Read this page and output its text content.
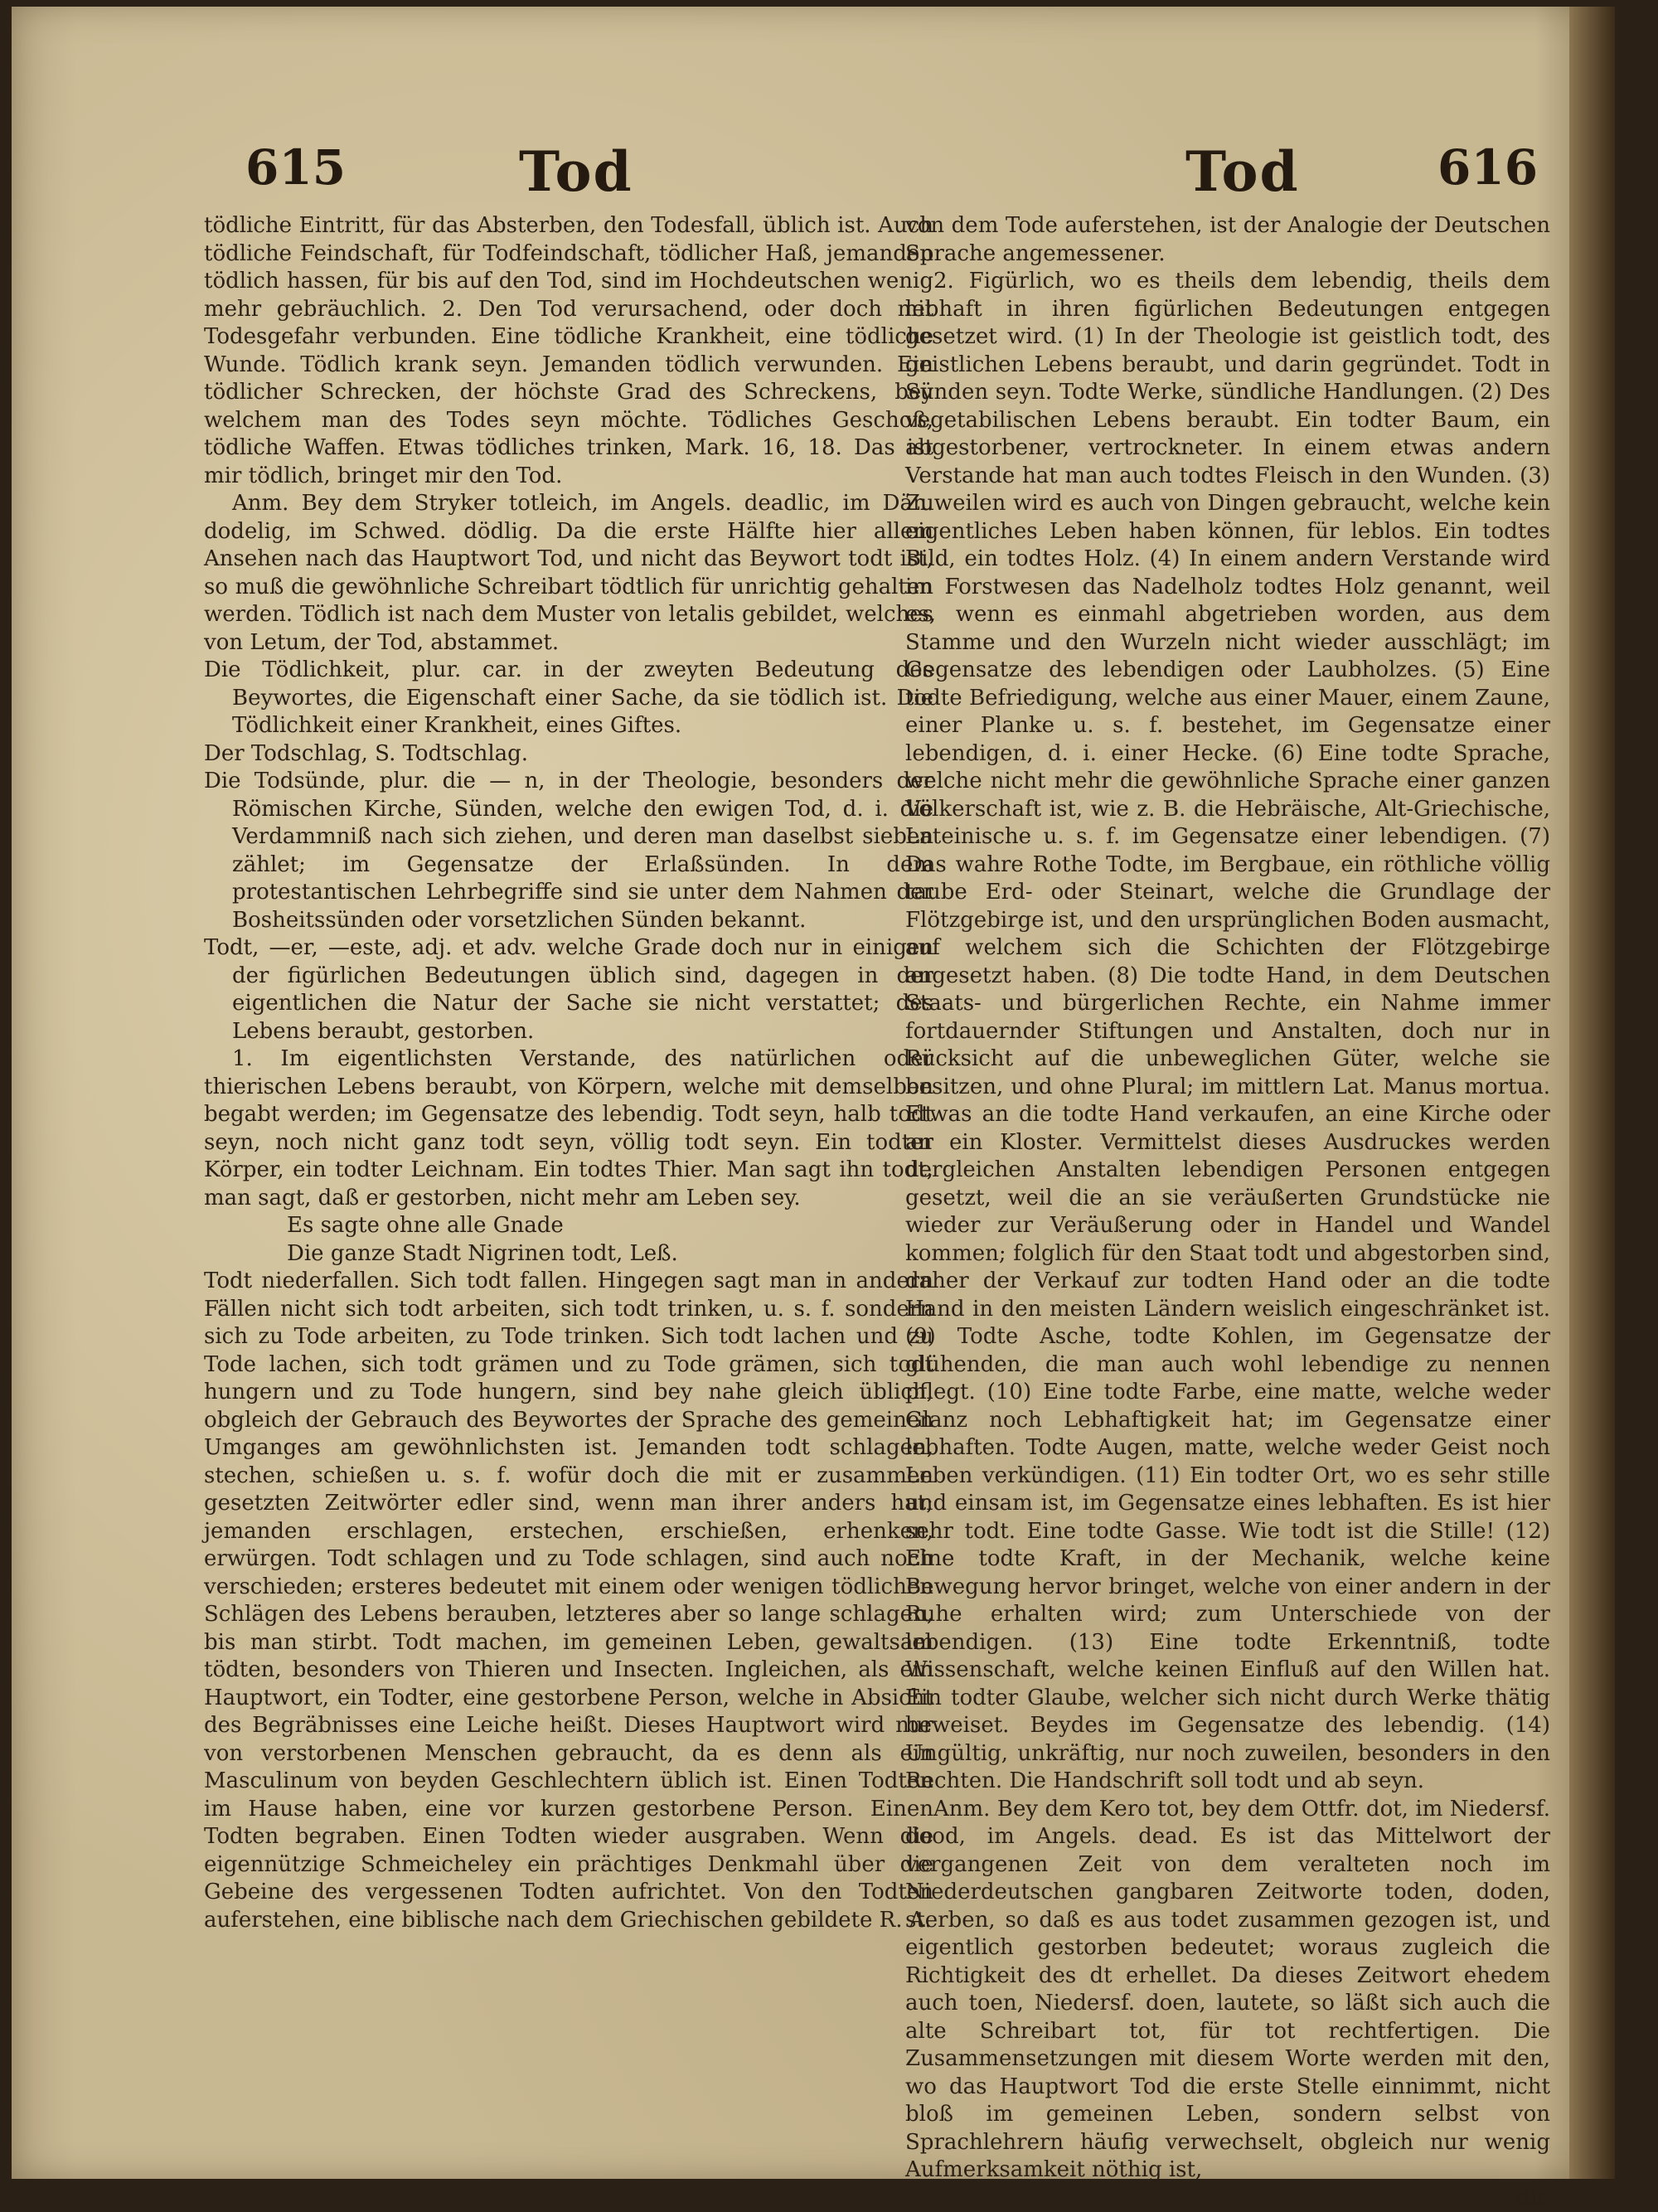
615	Tod	Tod	616

tödliche Eintritt, für das Absterben, den Todesfall, üblich ist. Auch tödliche Feindschaft, für Todfeindschaft, tödlicher Haß, jemanden tödlich hassen, für bis auf den Tod, sind im Hochdeutschen wenig mehr gebräuchlich. 2. Den Tod verursachend, oder doch mit Todesgefahr verbunden. Eine tödliche Krankheit, eine tödliche Wunde. Tödlich krank seyn. Jemanden tödlich verwunden. Ein tödlicher Schrecken, der höchste Grad des Schreckens, bey welchem man des Todes seyn möchte. Tödliches Geschoß, tödliche Waffen. Etwas tödliches trinken, Mark. 16, 18. Das ist mir tödlich, bringet mir den Tod.

Anm. Bey dem Stryker totleich, im Angels. deadlic, im Dän. dodelig, im Schwed. dödlig. Da die erste Hälfte hier allem Ansehen nach das Hauptwort Tod, und nicht das Beywort todt ist, so muß die gewöhnliche Schreibart tödtlich für unrichtig gehalten werden. Tödlich ist nach dem Muster von letalis gebildet, welches von Letum, der Tod, abstammet.

Die Tödlichkeit, plur. car. in der zweyten Bedeutung des Beywortes, die Eigenschaft einer Sache, da sie tödlich ist. Die Tödlichkeit einer Krankheit, eines Giftes.

Der Todschlag, S. Todtschlag.

Die Todsünde, plur. die — n, in der Theologie, besonders der Römischen Kirche, Sünden, welche den ewigen Tod, d. i. die Verdammniß nach sich ziehen, und deren man daselbst sieben zählet; im Gegensatze der Erlaßsünden. In dem protestantischen Lehrbegriffe sind sie unter dem Nahmen der Bosheitssünden oder vorsetzlichen Sünden bekannt.

Todt, —er, —este, adj. et adv. welche Grade doch nur in einigen der figürlichen Bedeutungen üblich sind, dagegen in der eigentlichen die Natur der Sache sie nicht verstattet; des Lebens beraubt, gestorben.

1. Im eigentlichsten Verstande, des natürlichen oder thierischen Lebens beraubt, von Körpern, welche mit demselben begabt werden; im Gegensatze des lebendig. Todt seyn, halb todt seyn, noch nicht ganz todt seyn, völlig todt seyn. Ein todter Körper, ein todter Leichnam. Ein todtes Thier. Man sagt ihn todt, man sagt, daß er gestorben, nicht mehr am Leben sey.

Es sagte ohne alle Gnade

Die ganze Stadt Nigrinen todt, Leß.

Todt niederfallen. Sich todt fallen. Hingegen sagt man in andern Fällen nicht sich todt arbeiten, sich todt trinken, u. s. f. sondern sich zu Tode arbeiten, zu Tode trinken. Sich todt lachen und zu Tode lachen, sich todt grämen und zu Tode grämen, sich todt hungern und zu Tode hungern, sind bey nahe gleich üblich, obgleich der Gebrauch des Beywortes der Sprache des gemeinen Umganges am gewöhnlichsten ist. Jemanden todt schlagen, stechen, schießen u. s. f. wofür doch die mit er zusammen gesetzten Zeitwörter edler sind, wenn man ihrer anders hat; jemanden erschlagen, erstechen, erschießen, erhenken, erwürgen. Todt schlagen und zu Tode schlagen, sind auch noch verschieden; ersteres bedeutet mit einem oder wenigen tödlichen Schlägen des Lebens berauben, letzteres aber so lange schlagen, bis man stirbt. Todt machen, im gemeinen Leben, gewaltsam tödten, besonders von Thieren und Insecten. Ingleichen, als ein Hauptwort, ein Todter, eine gestorbene Person, welche in Absicht des Begräbnisses eine Leiche heißt. Dieses Hauptwort wird nur von verstorbenen Menschen gebraucht, da es denn als ein Masculinum von beyden Geschlechtern üblich ist. Einen Todten im Hause haben, eine vor kurzen gestorbene Person. Einen Todten begraben. Einen Todten wieder ausgraben. Wenn die eigennützige Schmeicheley ein prächtiges Denkmahl über die Gebeine des vergessenen Todten aufrichtet. Von den Todten auferstehen, eine biblische nach dem Griechischen gebildete R. A.

von dem Tode auferstehen, ist der Analogie der Deutschen Sprache angemessener.

2. Figürlich, wo es theils dem lebendig, theils dem lebhaft in ihren figürlichen Bedeutungen entgegen gesetzet wird. (1) In der Theologie ist geistlich todt, des geistlichen Lebens beraubt, und darin gegründet. Todt in Sünden seyn. Todte Werke, sündliche Handlungen. (2) Des vegetabilischen Lebens beraubt. Ein todter Baum, ein abgestorbener, vertrockneter. In einem etwas andern Verstande hat man auch todtes Fleisch in den Wunden. (3) Zuweilen wird es auch von Dingen gebraucht, welche kein eigentliches Leben haben können, für leblos. Ein todtes Bild, ein todtes Holz. (4) In einem andern Verstande wird im Forstwesen das Nadelholz todtes Holz genannt, weil es, wenn es einmahl abgetrieben worden, aus dem Stamme und den Wurzeln nicht wieder ausschlägt; im Gegensatze des lebendigen oder Laubholzes. (5) Eine todte Befriedigung, welche aus einer Mauer, einem Zaune, einer Planke u. s. f. bestehet, im Gegensatze einer lebendigen, d. i. einer Hecke. (6) Eine todte Sprache, welche nicht mehr die gewöhnliche Sprache einer ganzen Völkerschaft ist, wie z. B. die Hebräische, Alt-Griechische, Lateinische u. s. f. im Gegensatze einer lebendigen. (7) Das wahre Rothe Todte, im Bergbaue, ein röthliche völlig taube Erd- oder Steinart, welche die Grundlage der Flötzgebirge ist, und den ursprünglichen Boden ausmacht, auf welchem sich die Schichten der Flötzgebirge angesetzt haben. (8) Die todte Hand, in dem Deutschen Staats- und bürgerlichen Rechte, ein Nahme immer fortdauernder Stiftungen und Anstalten, doch nur in Rücksicht auf die unbeweglichen Güter, welche sie besitzen, und ohne Plural; im mittlern Lat. Manus mortua. Etwas an die todte Hand verkaufen, an eine Kirche oder an ein Kloster. Vermittelst dieses Ausdruckes werden dergleichen Anstalten lebendigen Personen entgegen gesetzt, weil die an sie veräußerten Grundstücke nie wieder zur Veräußerung oder in Handel und Wandel kommen; folglich für den Staat todt und abgestorben sind, daher der Verkauf zur todten Hand oder an die todte Hand in den meisten Ländern weislich eingeschränket ist. (9) Todte Asche, todte Kohlen, im Gegensatze der glühenden, die man auch wohl lebendige zu nennen pflegt. (10) Eine todte Farbe, eine matte, welche weder Glanz noch Lebhaftigkeit hat; im Gegensatze einer lebhaften. Todte Augen, matte, welche weder Geist noch Leben verkündigen. (11) Ein todter Ort, wo es sehr stille und einsam ist, im Gegensatze eines lebhaften. Es ist hier sehr todt. Eine todte Gasse. Wie todt ist die Stille! (12) Eine todte Kraft, in der Mechanik, welche keine Bewegung hervor bringet, welche von einer andern in der Ruhe erhalten wird; zum Unterschiede von der lebendigen. (13) Eine todte Erkenntniß, todte Wissenschaft, welche keinen Einfluß auf den Willen hat. Ein todter Glaube, welcher sich nicht durch Werke thätig beweiset. Beydes im Gegensatze des lebendig. (14) Ungültig, unkräftig, nur noch zuweilen, besonders in den Rechten. Die Handschrift soll todt und ab seyn.

Anm. Bey dem Kero tot, bey dem Ottfr. dot, im Niedersf. dood, im Angels. dead. Es ist das Mittelwort der vergangenen Zeit von dem veralteten noch im Niederdeutschen gangbaren Zeitworte toden, doden, sterben, so daß es aus todet zusammen gezogen ist, und eigentlich gestorben bedeutet; woraus zugleich die Richtigkeit des dt erhellet. Da dieses Zeitwort ehedem auch toen, Niedersf. doen, lautete, so läßt sich auch die alte Schreibart tot, für tot rechtfertigen. Die Zusammensetzungen mit diesem Worte werden mit den, wo das Hauptwort Tod die erste Stelle einnimmt, nicht bloß im gemeinen Leben, sondern selbst von Sprachlehrern häufig verwechselt, obgleich nur wenig Aufmerksamkeit nöthig ist,

die
